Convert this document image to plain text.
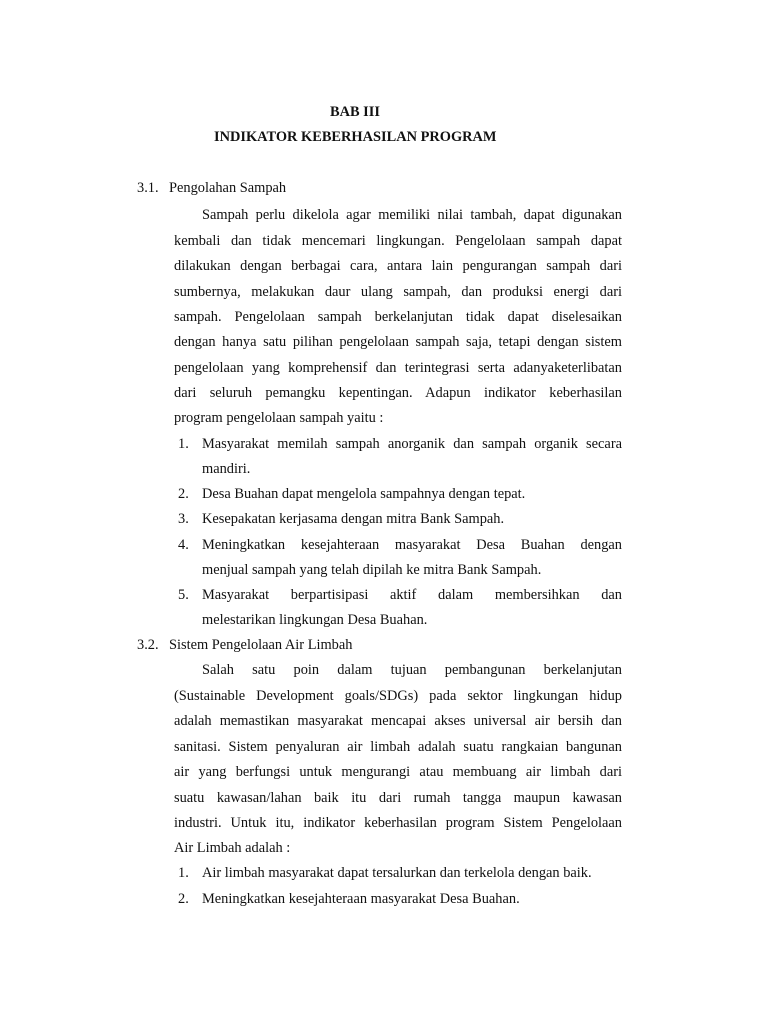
BAB III

INDIKATOR KEBERHASILAN PROGRAM

3.1. Pengolahan Sampah

Sampah perlu dikelola agar memiliki nilai tambah, dapat digunakan

kembali dan tidak mencemari lingkungan. Pengelolaan sampah dapat

dilakukan dengan berbagai cara, antara lain pengurangan sampah dari

sumbernya, melakukan daur ulang sampah, dan produksi energi dari

sampah. Pengelolaan sampah berkelanjutan tidak dapat diselesaikan

dengan hanya satu pilihan pengelolaan sampah saja, tetapi dengan sistem

pengelolaan yang komprehensif dan terintegrasi serta adanyaketerlibatan

dari seluruh pemangku kepentingan. Adapun indikator keberhasilan

program pengelolaan sampah yaitu :

1. Masyarakat memilah sampah anorganik dan sampah organik secara

mandiri.

2. Desa Buahan dapat mengelola sampahnya dengan tepat.

3. Kesepakatan kerjasama dengan mitra Bank Sampah.

4. Meningkatkan kesejahteraan masyarakat Desa Buahan dengan

menjual sampah yang telah dipilah ke mitra Bank Sampah.

5. Masyarakat berpartisipasi aktif dalam membersihkan dan

melestarikan lingkungan Desa Buahan.

3.2. Sistem Pengelolaan Air Limbah

Salah satu poin dalam tujuan pembangunan berkelanjutan

(Sustainable Development goals/SDGs) pada sektor lingkungan hidup

adalah memastikan masyarakat mencapai akses universal air bersih dan

sanitasi. Sistem penyaluran air limbah adalah suatu rangkaian bangunan

air yang berfungsi untuk mengurangi atau membuang air limbah dari

suatu kawasan/lahan baik itu dari rumah tangga maupun kawasan

industri. Untuk itu, indikator keberhasilan program Sistem Pengelolaan

Air Limbah adalah :

1. Air limbah masyarakat dapat tersalurkan dan terkelola dengan baik.

2. Meningkatkan kesejahteraan masyarakat Desa Buahan.
